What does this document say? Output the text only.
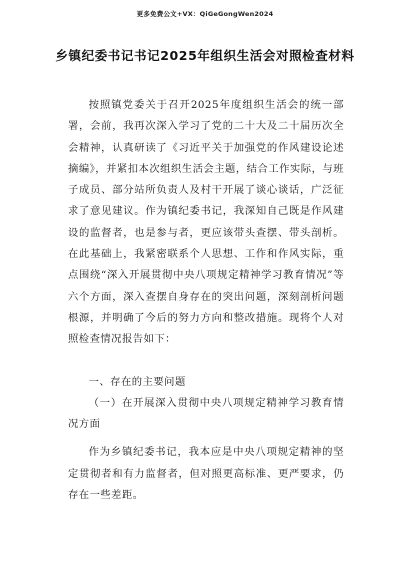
更多免费公文+VX：QiGeGongWen2024
乡镇纪委书记书记2025年组织生活会对照检查材料

按照镇党委关于召开2025年度组织生活会的统一部署，会前，我再次深入学习了党的二十大及二十届历次全会精神，认真研读了《习近平关于加强党的作风建设论述摘编》，并紧扣本次组织生活会主题，结合工作实际，与班子成员、部分站所负责人及村干开展了谈心谈话，广泛征求了意见建议。作为镇纪委书记，我深知自己既是作风建设的监督者，也是参与者，更应该带头查摆、带头剖析。在此基础上，我紧密联系个人思想、工作和作风实际，重点围绕“深入开展贯彻中央八项规定精神学习教育情况”等六个方面，深入查摆自身存在的突出问题，深刻剖析问题根源，并明确了今后的努力方向和整改措施。现将个人对照检查情况报告如下：

一、存在的主要问题

（一）在开展深入贯彻中央八项规定精神学习教育情况方面

作为乡镇纪委书记，我本应是中央八项规定精神的坚定贯彻者和有力监督者，但对照更高标准、更严要求，仍存在一些差距。
